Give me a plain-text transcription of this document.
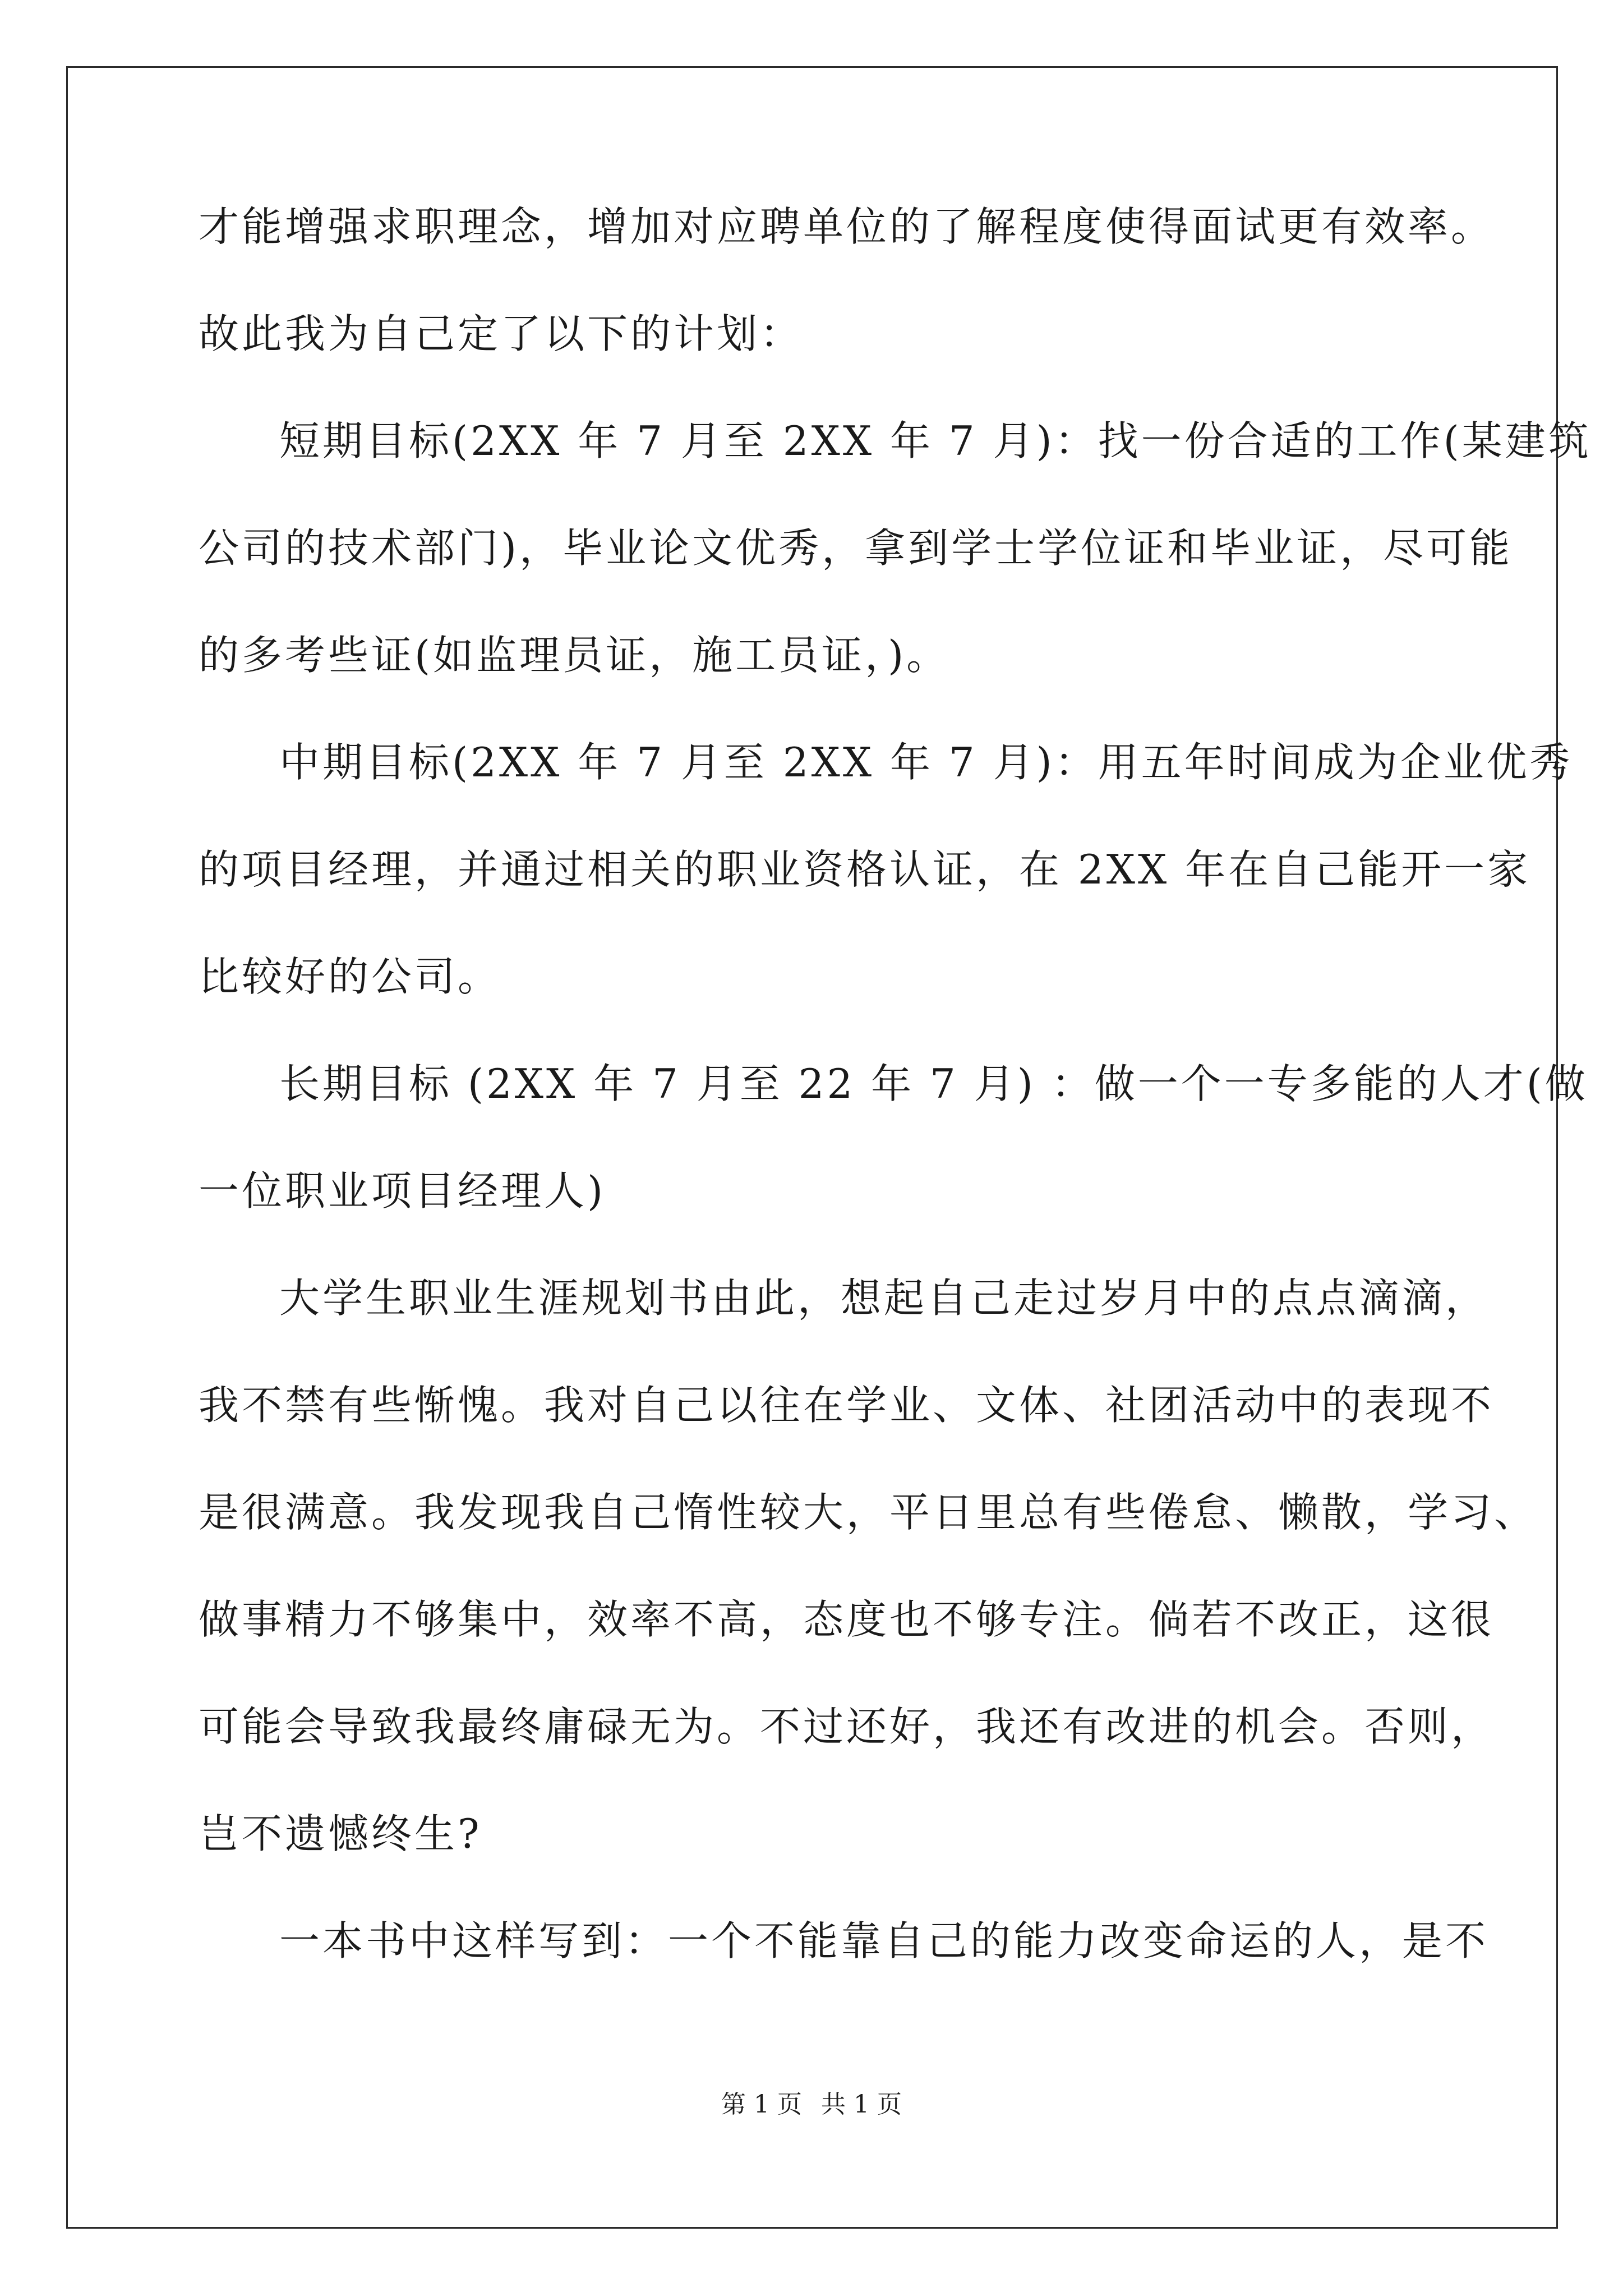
才能增强求职理念，增加对应聘单位的了解程度使得面试更有效率。
故此我为自己定了以下的计划：
短期目标(2XX 年 7 月至 2XX 年 7 月)：找一份合适的工作(某建筑
公司的技术部门)，毕业论文优秀，拿到学士学位证和毕业证，尽可能
的多考些证(如监理员证，施工员证，)。
中期目标(2XX 年 7 月至 2XX 年 7 月)：用五年时间成为企业优秀
的项目经理，并通过相关的职业资格认证，在 2XX 年在自己能开一家
比较好的公司。
长期目标 (2XX 年 7 月至 22 年 7 月) ：做一个一专多能的人才(做
一位职业项目经理人)
大学生职业生涯规划书由此，想起自己走过岁月中的点点滴滴，
我不禁有些惭愧。我对自己以往在学业、文体、社团活动中的表现不
是很满意。我发现我自己惰性较大，平日里总有些倦怠、懒散，学习、
做事精力不够集中，效率不高，态度也不够专注。倘若不改正，这很
可能会导致我最终庸碌无为。不过还好，我还有改进的机会。否则，
岂不遗憾终生?
一本书中这样写到：一个不能靠自己的能力改变命运的人，是不
第 1 页 共 1 页
